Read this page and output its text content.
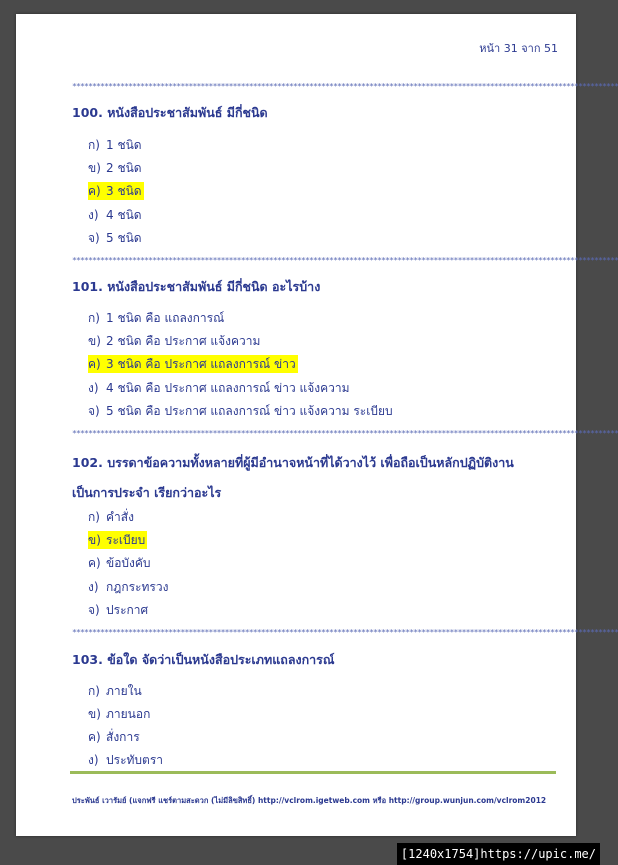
หน้า 31 จาก 51
****************************************************************************************************************************************
****************************************************************************************************************************************
****************************************************************************************************************************************
****************************************************************************************************************************************
100. หนังสือประชาสัมพันธ์ มีกี่ชนิด
ก) 1 ชนิด
ข) 2 ชนิด
ค) 3 ชนิด
ง) 4 ชนิด
จ) 5 ชนิด
101. หนังสือประชาสัมพันธ์ มีกี่ชนิด อะไรบ้าง
ก) 1 ชนิด คือ แถลงการณ์
ข) 2 ชนิด คือ ประกาศ แจ้งความ
ค) 3 ชนิด คือ ประกาศ แถลงการณ์ ข่าว
ง) 4 ชนิด คือ ประกาศ แถลงการณ์ ข่าว แจ้งความ
จ) 5 ชนิด คือ ประกาศ แถลงการณ์ ข่าว แจ้งความ ระเบียบ
102. บรรดาข้อความทั้งหลายที่ผู้มีอำนาจหน้าที่ได้วางไว้ เพื่อถือเป็นหลักปฏิบัติงาน เป็นการประจำ เรียกว่าอะไร
ก) คำสั่ง
ข) ระเบียบ
ค) ข้อบังคับ
ง) กฎกระทรวง
จ) ประกาศ
103. ข้อใด จัดว่าเป็นหนังสือประเภทแถลงการณ์
ก) ภายใน
ข) ภายนอก
ค) สั่งการ
ง) ประทับตรา
ประพันธ์ เวารัมย์ (แจกฟรี แชร์ตามสะดวก (ไม่มีลิขสิทธิ์) http://vclrom.igetweb.com หรือ http://group.wunjun.com/vclrom2012
[1240x1754]https://upic.me/
